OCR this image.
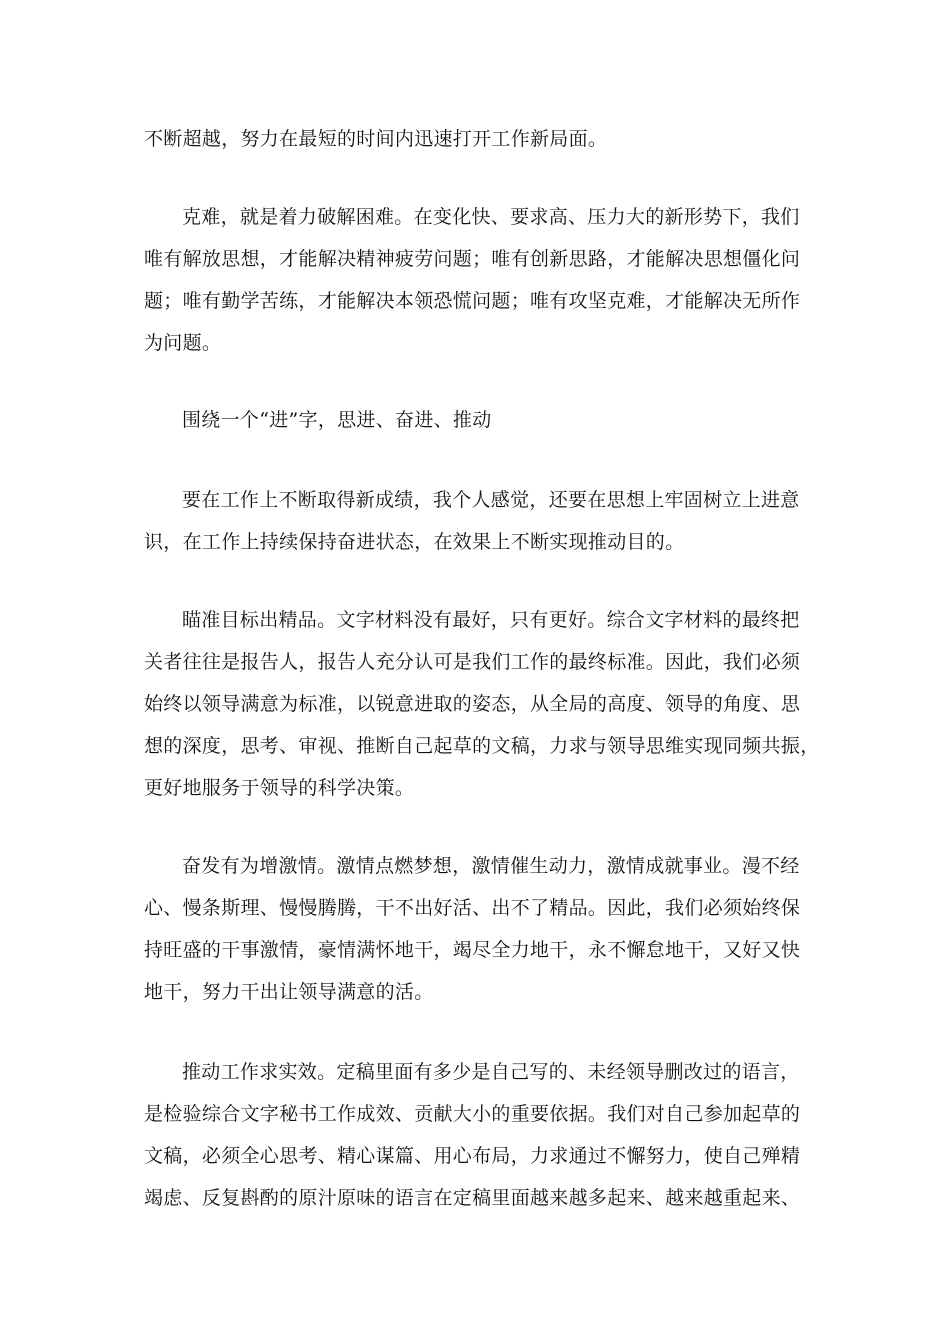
不断超越，努力在最短的时间内迅速打开工作新局面。

克难，就是着力破解困难。在变化快、要求高、压力大的新形势下，我们
唯有解放思想，才能解决精神疲劳问题；唯有创新思路，才能解决思想僵化问
题；唯有勤学苦练，才能解决本领恐慌问题；唯有攻坚克难，才能解决无所作
为问题。

围绕一个“进”字，思进、奋进、推动

要在工作上不断取得新成绩，我个人感觉，还要在思想上牢固树立上进意
识，在工作上持续保持奋进状态，在效果上不断实现推动目的。

瞄准目标出精品。文字材料没有最好，只有更好。综合文字材料的最终把
关者往往是报告人，报告人充分认可是我们工作的最终标准。因此，我们必须
始终以领导满意为标准，以锐意进取的姿态，从全局的高度、领导的角度、思
想的深度，思考、审视、推断自己起草的文稿，力求与领导思维实现同频共振，
更好地服务于领导的科学决策。

奋发有为增激情。激情点燃梦想，激情催生动力，激情成就事业。漫不经
心、慢条斯理、慢慢腾腾，干不出好活、出不了精品。因此，我们必须始终保
持旺盛的干事激情，豪情满怀地干，竭尽全力地干，永不懈怠地干，又好又快
地干，努力干出让领导满意的活。

推动工作求实效。定稿里面有多少是自己写的、未经领导删改过的语言，
是检验综合文字秘书工作成效、贡献大小的重要依据。我们对自己参加起草的
文稿，必须全心思考、精心谋篇、用心布局，力求通过不懈努力，使自己殚精
竭虑、反复斟酌的原汁原味的语言在定稿里面越来越多起来、越来越重起来、
